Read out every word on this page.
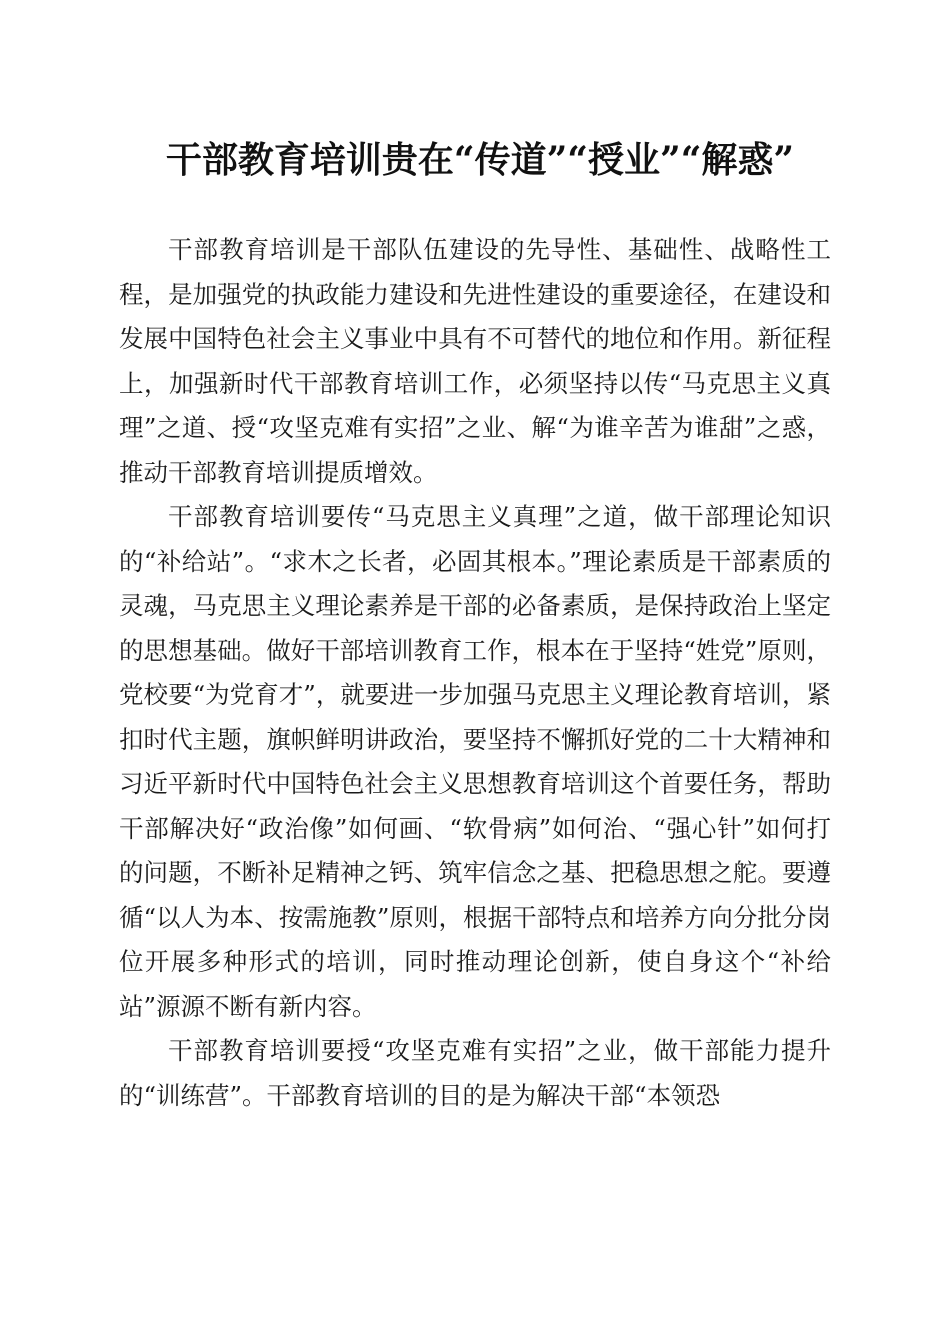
干部教育培训贵在“传道”“授业”“解惑”

干部教育培训是干部队伍建设的先导性、基础性、战略性工程，是加强党的执政能力建设和先进性建设的重要途径，在建设和发展中国特色社会主义事业中具有不可替代的地位和作用。新征程上，加强新时代干部教育培训工作，必须坚持以传“马克思主义真理”之道、授“攻坚克难有实招”之业、解“为谁辛苦为谁甜”之惑，推动干部教育培训提质增效。

干部教育培训要传“马克思主义真理”之道，做干部理论知识的“补给站”。“求木之长者，必固其根本。”理论素质是干部素质的灵魂，马克思主义理论素养是干部的必备素质，是保持政治上坚定的思想基础。做好干部培训教育工作，根本在于坚持“姓党”原则，党校要“为党育才”，就要进一步加强马克思主义理论教育培训，紧扣时代主题，旗帜鲜明讲政治，要坚持不懈抓好党的二十大精神和习近平新时代中国特色社会主义思想教育培训这个首要任务，帮助干部解决好“政治像”如何画、“软骨病”如何治、“强心针”如何打的问题，不断补足精神之钙、筑牢信念之基、把稳思想之舵。要遵循“以人为本、按需施教”原则，根据干部特点和培养方向分批分岗位开展多种形式的培训，同时推动理论创新，使自身这个“补给站”源源不断有新内容。

干部教育培训要授“攻坚克难有实招”之业，做干部能力提升的“训练营”。干部教育培训的目的是为解决干部“本领恐
